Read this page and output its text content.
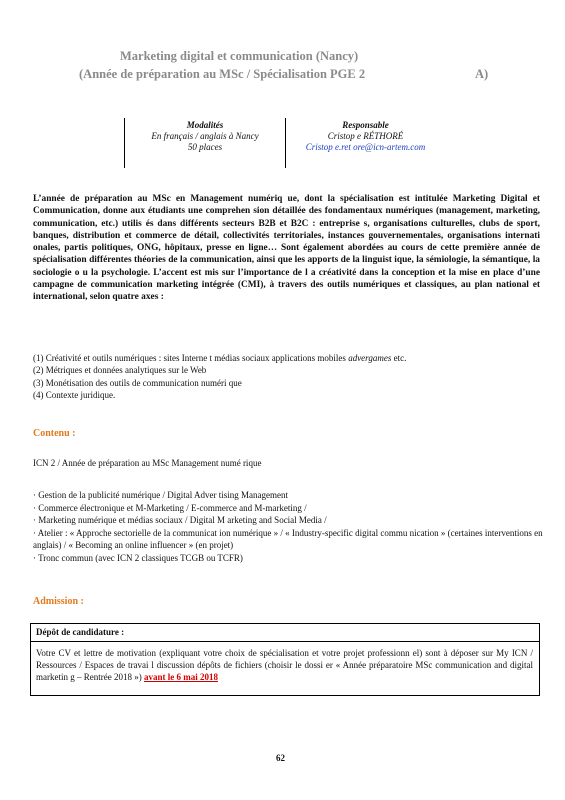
Marketing digital et communication (Nancy)
(Année de préparation au MSc / Spécialisation PGE 2	A)
Modalités
En français / anglais à Nancy
50 places
Responsable
Cristop e RÉTHORÉ
Cristop e.ret ore@icn-artem.com
L’année de préparation au MSc en Management numériq ue, dont la spécialisation est intitulée Marketing Digital et Communication, donne aux étudiants une comprehen sion détaillée des fondamentaux numériques (management, marketing, communication, etc.) utilis és dans différents secteurs B2B et B2C : entreprise s, organisations culturelles, clubs de sport, banques, distribution et commerce de détail, collectivités territoriales, instances gouvernementales, organisations internati onales, partis politiques, ONG, hôpitaux, presse en ligne… Sont également abordées au cours de cette première année de spécialisation différentes théories de la communication, ainsi que les apports de la linguist ique, la sémiologie, la sémantique, la sociologie o u la psychologie. L’accent est mis sur l’importance de l a créativité dans la conception et la mise en place d’une campagne de communication marketing intégrée (CMI), à travers des outils numériques et classiques, au plan national et international, selon quatre axes :
(1) Créativité et outils numériques : sites Interne t médias sociaux applications mobiles advergames etc.
(2) Métriques et données analytiques sur le Web
(3) Monétisation des outils de communication numéri que
(4) Contexte juridique.
Contenu :
ICN 2 / Année de préparation au MSc Management numé rique

· Gestion de la publicité numérique / Digital Adver tising Management

· Commerce électronique et M-Marketing / E-commerce and M-marketing /

· Marketing numérique et médias sociaux / Digital M arketing and Social Media /

· Atelier : « Approche sectorielle de la communicat ion numérique » / « Industry-specific digital commu nication » (certaines interventions en anglais) / « Becoming an online influencer » (en projet)

· Tronc commun (avec ICN 2 classiques TCGB ou TCFR)

Admission :
Dépôt de candidature :
Votre CV et lettre de motivation (expliquant votre choix de spécialisation et votre projet professionn el) sont à déposer sur My ICN / Ressources / Espaces de travai l discussion dépôts de fichiers (choisir le dossi er « Année préparatoire MSc communication and digital marketin g – Rentrée 2018 ») avant le 6 mai 2018
62
